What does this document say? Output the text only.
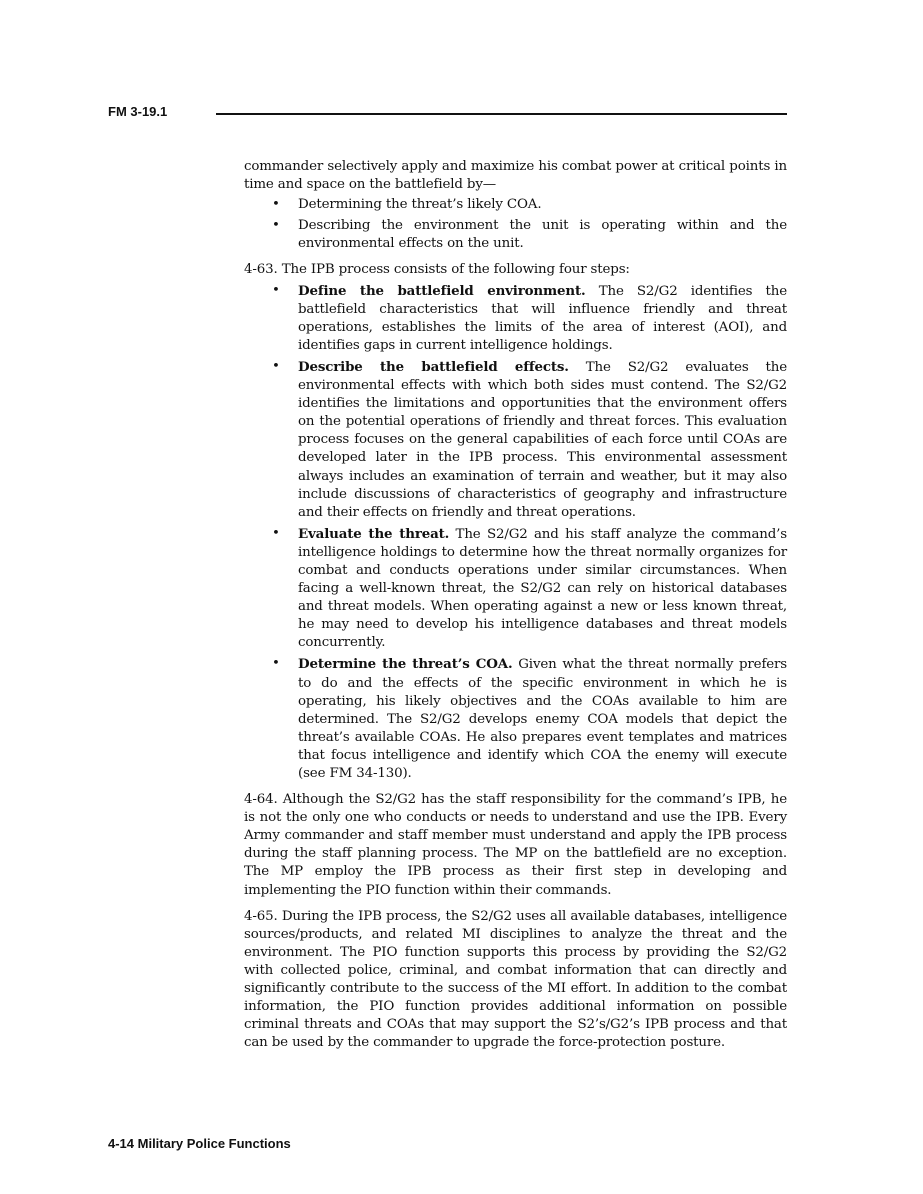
FM 3-19.1

commander selectively apply and maximize his combat power at critical points in time and space on the battlefield by—

• Determining the threat’s likely COA.
• Describing the environment the unit is operating within and the environmental effects on the unit.

4-63. The IPB process consists of the following four steps:

• Define the battlefield environment. The S2/G2 identifies the battlefield characteristics that will influence friendly and threat operations, establishes the limits of the area of interest (AOI), and identifies gaps in current intelligence holdings.
• Describe the battlefield effects. The S2/G2 evaluates the environmental effects with which both sides must contend. The S2/G2 identifies the limitations and opportunities that the environment offers on the potential operations of friendly and threat forces. This evaluation process focuses on the general capabilities of each force until COAs are developed later in the IPB process. This environmental assessment always includes an examination of terrain and weather, but it may also include discussions of characteristics of geography and infrastructure and their effects on friendly and threat operations.
• Evaluate the threat. The S2/G2 and his staff analyze the command’s intelligence holdings to determine how the threat normally organizes for combat and conducts operations under similar circumstances. When facing a well-known threat, the S2/G2 can rely on historical databases and threat models. When operating against a new or less known threat, he may need to develop his intelligence databases and threat models concurrently.
• Determine the threat’s COA. Given what the threat normally prefers to do and the effects of the specific environment in which he is operating, his likely objectives and the COAs available to him are determined. The S2/G2 develops enemy COA models that depict the threat’s available COAs. He also prepares event templates and matrices that focus intelligence and identify which COA the enemy will execute (see FM 34-130).

4-64. Although the S2/G2 has the staff responsibility for the command’s IPB, he is not the only one who conducts or needs to understand and use the IPB. Every Army commander and staff member must understand and apply the IPB process during the staff planning process. The MP on the battlefield are no exception. The MP employ the IPB process as their first step in developing and implementing the PIO function within their commands.

4-65. During the IPB process, the S2/G2 uses all available databases, intelligence sources/products, and related MI disciplines to analyze the threat and the environment. The PIO function supports this process by providing the S2/G2 with collected police, criminal, and combat information that can directly and significantly contribute to the success of the MI effort. In addition to the combat information, the PIO function provides additional information on possible criminal threats and COAs that may support the S2’s/G2’s IPB process and that can be used by the commander to upgrade the force-protection posture.

4-14 Military Police Functions
